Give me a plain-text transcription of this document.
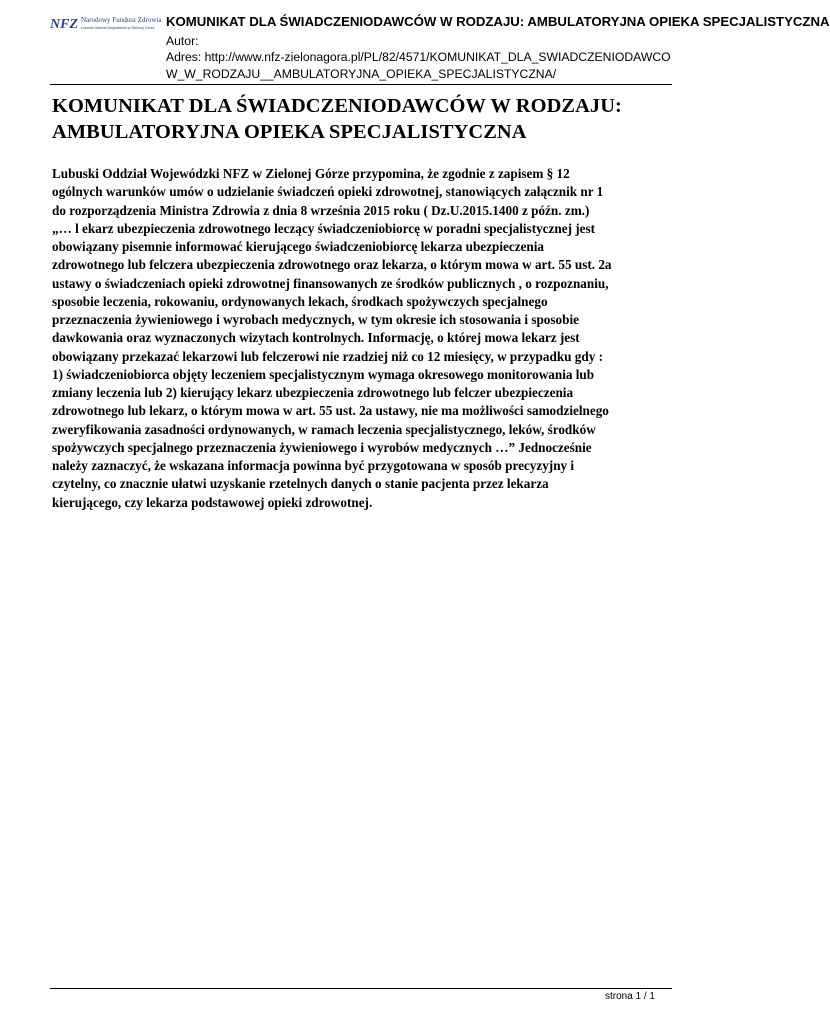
NFZ Narodowy Fundusz Zdrowia
Lubuski Oddział Wojewódzki w Zielonej Górze KOMUNIKAT DLA ŚWIADCZENIODAWCÓW W RODZAJU: AMBULATORYJNA OPIEKA SPECJALISTYCZNA
Autor:
Adres: http://www.nfz-zielonagora.pl/PL/82/4571/KOMUNIKAT_DLA_SWIADCZENIODAWCO
W_W_RODZAJU__AMBULATORYJNA_OPIEKA_SPECJALISTYCZNA/
KOMUNIKAT DLA ŚWIADCZENIODAWCÓW W RODZAJU:
AMBULATORYJNA OPIEKA SPECJALISTYCZNA
Lubuski Oddział Wojewódzki NFZ w Zielonej Górze przypomina, że zgodnie z zapisem § 12
ogólnych warunków umów o udzielanie świadczeń opieki zdrowotnej, stanowiących załącznik nr 1
do rozporządzenia Ministra Zdrowia z dnia 8 września 2015 roku ( Dz.U.2015.1400 z późn. zm.)
„… l ekarz ubezpieczenia zdrowotnego leczący świadczeniobiorcę w poradni specjalistycznej jest
obowiązany pisemnie informować kierującego świadczeniobiorcę lekarza ubezpieczenia
zdrowotnego lub felczera ubezpieczenia zdrowotnego oraz lekarza, o którym mowa w art. 55 ust. 2a
ustawy o świadczeniach opieki zdrowotnej finansowanych ze środków publicznych , o rozpoznaniu,
sposobie leczenia, rokowaniu, ordynowanych lekach, środkach spożywczych specjalnego
przeznaczenia żywieniowego i wyrobach medycznych, w tym okresie ich stosowania i sposobie
dawkowania oraz wyznaczonych wizytach kontrolnych. Informację, o której mowa lekarz jest
obowiązany przekazać lekarzowi lub felczerowi nie rzadziej niż co 12 miesięcy, w przypadku gdy :
1) świadczeniobiorca objęty leczeniem specjalistycznym wymaga okresowego monitorowania lub
zmiany leczenia lub 2) kierujący lekarz ubezpieczenia zdrowotnego lub felczer ubezpieczenia
zdrowotnego lub lekarz, o którym mowa w art. 55 ust. 2a ustawy, nie ma możliwości samodzielnego
zweryfikowania zasadności ordynowanych, w ramach leczenia specjalistycznego, leków, środków
spożywczych specjalnego przeznaczenia żywieniowego i wyrobów medycznych …” Jednocześnie
należy zaznaczyć, że wskazana informacja powinna być przygotowana w sposób precyzyjny i
czytelny, co znacznie ułatwi uzyskanie rzetelnych danych o stanie pacjenta przez lekarza
kierującego, czy lekarza podstawowej opieki zdrowotnej.
strona 1 / 1
